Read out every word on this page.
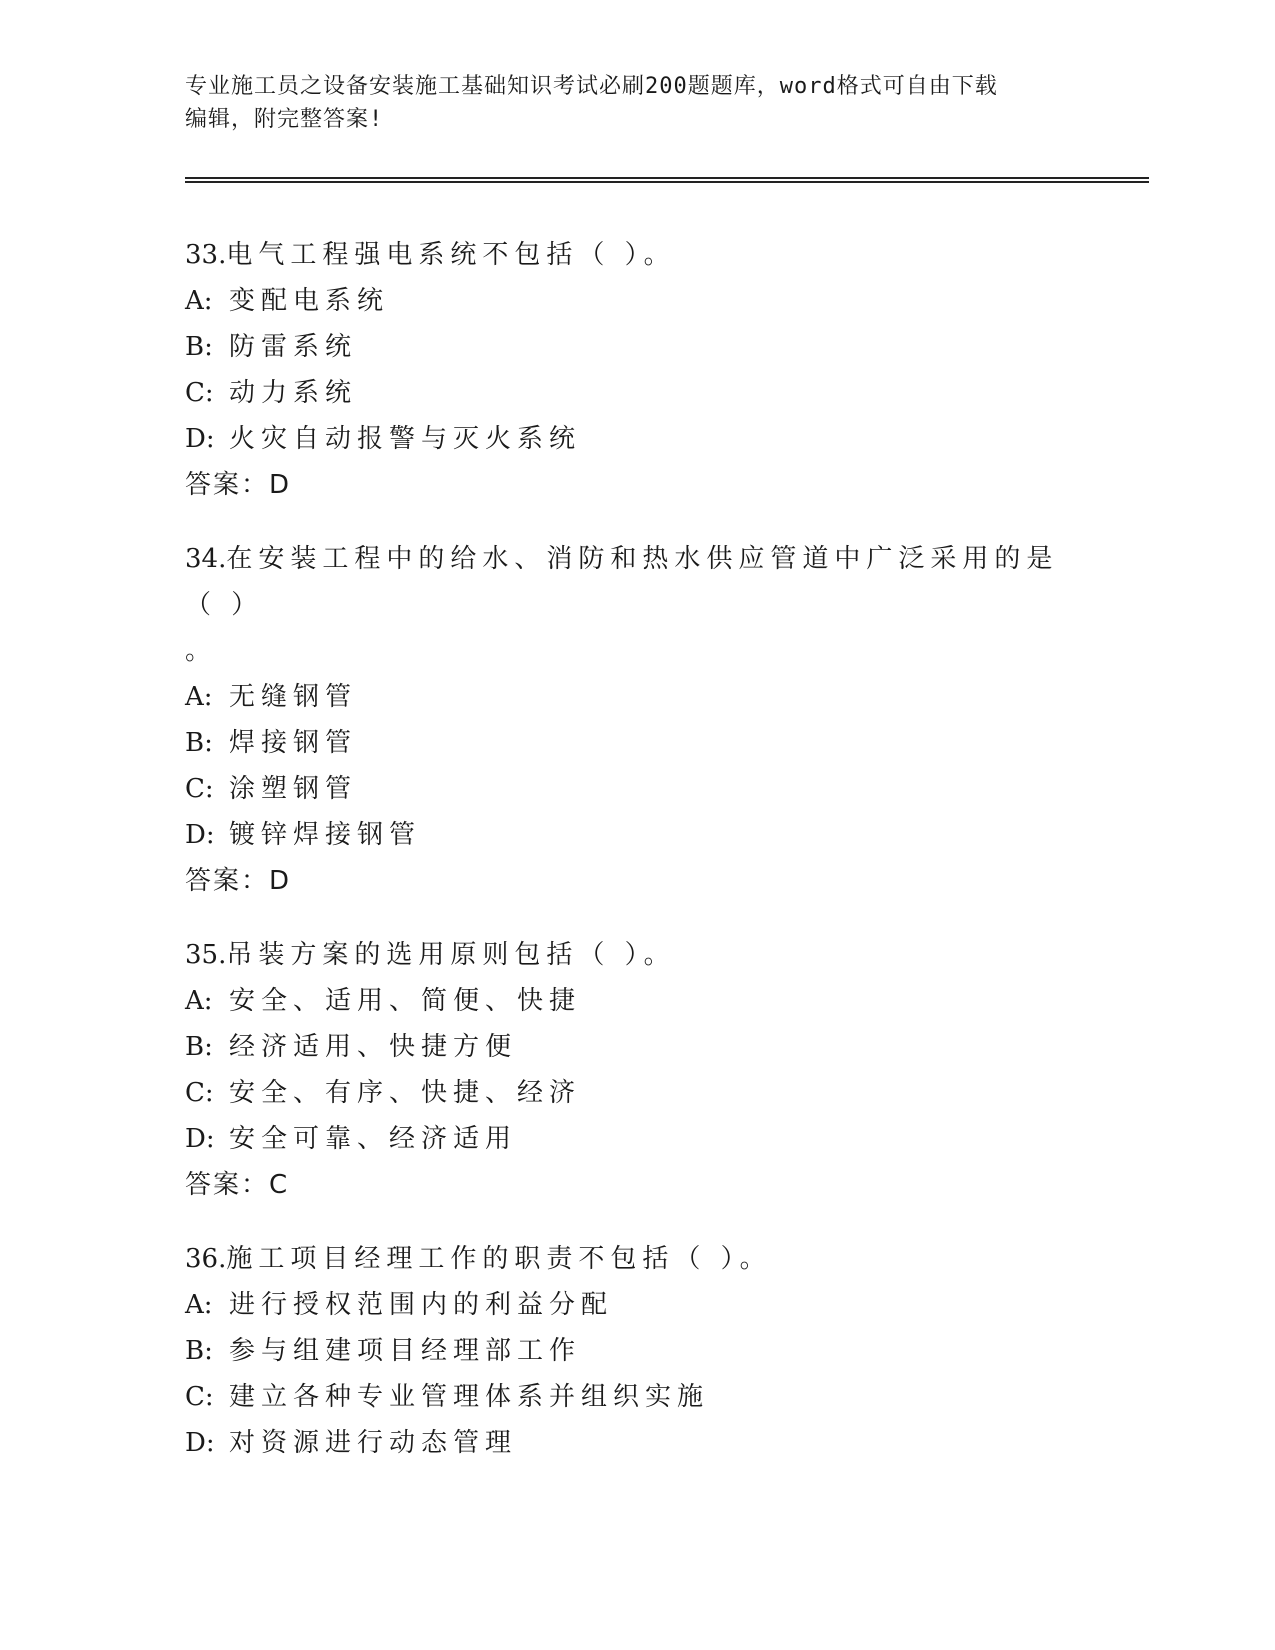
专业施工员之设备安装施工基础知识考试必刷200题题库，word格式可自由下载
编辑，附完整答案!
33.电气工程强电系统不包括（ ）。
A: 变配电系统
B: 防雷系统
C: 动力系统
D: 火灾自动报警与灭火系统
答案：D
34.在安装工程中的给水、消防和热水供应管道中广泛采用的是（ ）
。
A: 无缝钢管
B: 焊接钢管
C: 涂塑钢管
D: 镀锌焊接钢管
答案：D
35.吊装方案的选用原则包括（ ）。
A: 安全、适用、简便、快捷
B: 经济适用、快捷方便
C: 安全、有序、快捷、经济
D: 安全可靠、经济适用
答案：C
36.施工项目经理工作的职责不包括（ ）。
A: 进行授权范围内的利益分配
B: 参与组建项目经理部工作
C: 建立各种专业管理体系并组织实施
D: 对资源进行动态管理
